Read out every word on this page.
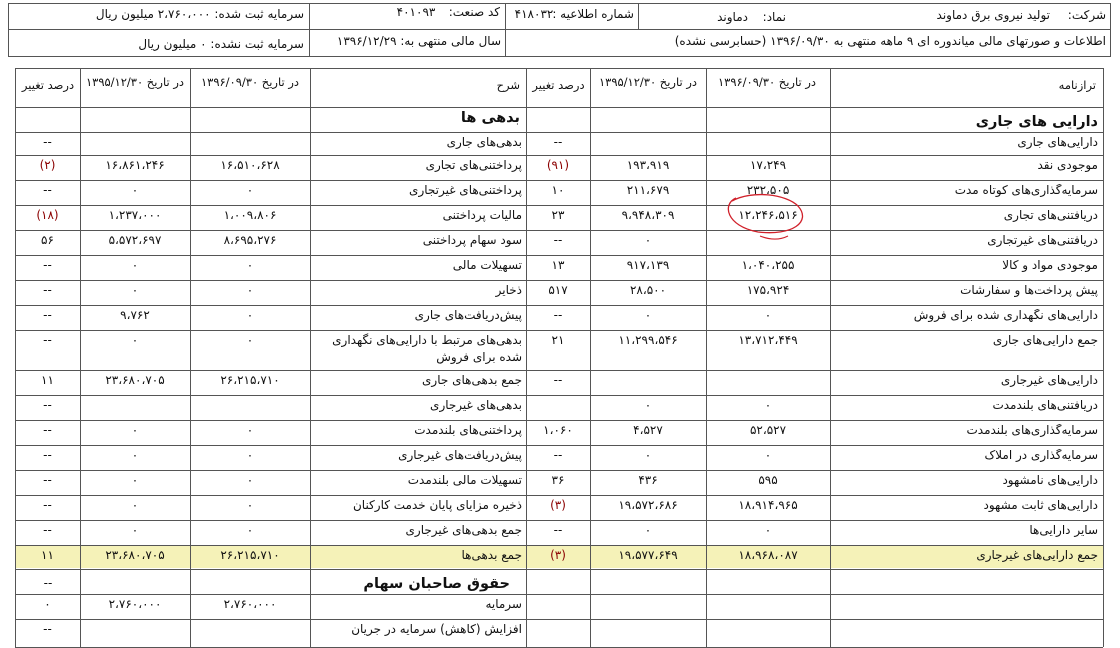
شرکت:
تولید نیروی برق دماوند
نماد:
دماوند
شماره اطلاعیه :
۴۱۸۰۳۲
کد صنعت:
۴۰۱۰۹۳
سرمایه ثبت شده: ۲،۷۶۰،۰۰۰ میلیون ریال
اطلاعات و صورتهای مالی میاندوره ای ۹ ماهه منتهی به ۱۳۹۶/۰۹/۳۰ (حسابرسی نشده)
سال مالی منتهی به: ۱۳۹۶/۱۲/۲۹
سرمایه ثبت نشده: ۰ میلیون ریال
ترازنامه
در تاریخ ۱۳۹۶/۰۹/۳۰
در تاریخ ۱۳۹۵/۱۲/۳۰
درصد تغییر
شرح
در تاریخ ۱۳۹۶/۰۹/۳۰
در تاریخ ۱۳۹۵/۱۲/۳۰
درصد تغییر
دارایی های جاری
بدهی ها
دارایی‌های جاری
--
موجودی نقد
۱۷،۲۴۹
۱۹۳،۹۱۹
(۹۱)
سرمایه‌گذاری‌های کوتاه مدت
۲۳۲،۵۰۵
۲۱۱،۶۷۹
۱۰
دریافتنی‌های تجاری
۱۲،۲۴۶،۵۱۶
۹،۹۴۸،۳۰۹
۲۳
دریافتنی‌های غیرتجاری
۰
--
موجودی مواد و کالا
۱،۰۴۰،۲۵۵
۹۱۷،۱۳۹
۱۳
پیش پرداخت‌ها و سفارشات
۱۷۵،۹۲۴
۲۸،۵۰۰
۵۱۷
دارایی‌های نگهداری شده برای فروش
۰
۰
--
جمع دارایی‌های جاری
۱۳،۷۱۲،۴۴۹
۱۱،۲۹۹،۵۴۶
۲۱
دارایی‌های غیرجاری
--
دریافتنی‌های بلندمدت
۰
۰
سرمایه‌گذاری‌های بلندمدت
۵۲،۵۲۷
۴،۵۲۷
۱،۰۶۰
سرمایه‌گذاری در املاک
۰
۰
--
دارایی‌های نامشهود
۵۹۵
۴۳۶
۳۶
دارایی‌های ثابت مشهود
۱۸،۹۱۴،۹۶۵
۱۹،۵۷۲،۶۸۶
(۳)
سایر دارایی‌ها
۰
۰
--
جمع دارایی‌های غیرجاری
۱۸،۹۶۸،۰۸۷
۱۹،۵۷۷،۶۴۹
(۳)
بدهی‌های جاری
--
پرداختنی‌های تجاری
۱۶،۵۱۰،۶۲۸
۱۶،۸۶۱،۲۴۶
(۲)
پرداختنی‌های غیرتجاری
۰
۰
--
مالیات پرداختنی
۱،۰۰۹،۸۰۶
۱،۲۳۷،۰۰۰
(۱۸)
سود سهام پرداختنی
۸،۶۹۵،۲۷۶
۵،۵۷۲،۶۹۷
۵۶
تسهیلات مالی
۰
۰
--
ذخایر
۰
۰
--
پیش‌دریافت‌های جاری
۰
۹،۷۶۲
--
بدهی‌های مرتبط با دارایی‌های نگهداری شده برای فروش
۰
۰
--
جمع بدهی‌های جاری
۲۶،۲۱۵،۷۱۰
۲۳،۶۸۰،۷۰۵
۱۱
بدهی‌های غیرجاری
--
پرداختنی‌های بلندمدت
۰
۰
--
پیش‌دریافت‌های غیرجاری
۰
۰
--
تسهیلات مالی بلندمدت
۰
۰
--
ذخیره مزایای پایان خدمت کارکنان
۰
۰
--
جمع بدهی‌های غیرجاری
۰
۰
--
جمع بدهی‌ها
۲۶،۲۱۵،۷۱۰
۲۳،۶۸۰،۷۰۵
۱۱
سرمایه
۲،۷۶۰،۰۰۰
۲،۷۶۰،۰۰۰
۰
افزایش (کاهش) سرمایه در جریان
--
حقوق صاحبان سهام
--
